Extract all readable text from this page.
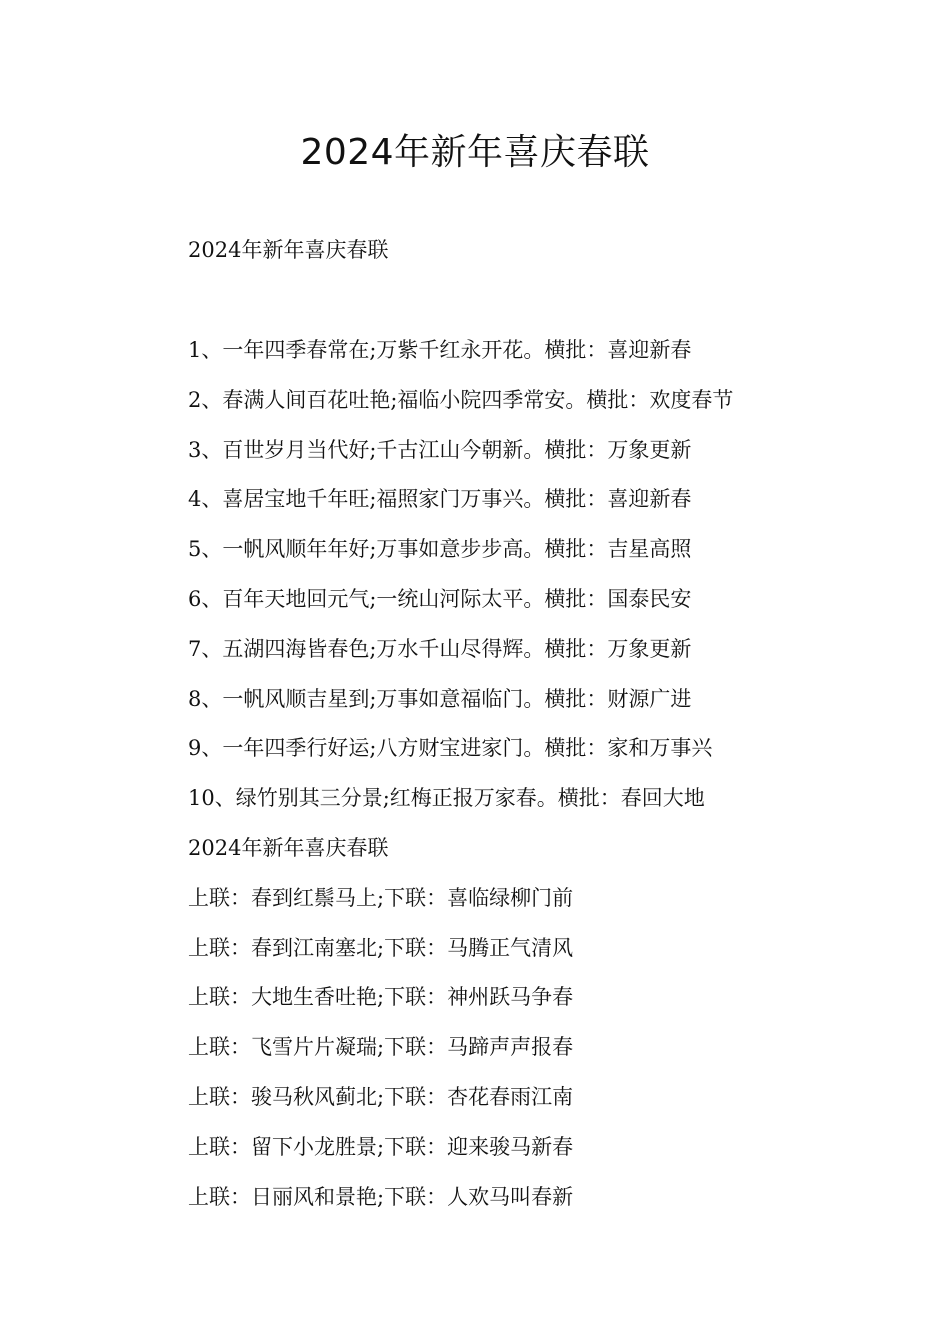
2024年新年喜庆春联
2024年新年喜庆春联
1、一年四季春常在;万紫千红永开花。横批：喜迎新春
2、春满人间百花吐艳;福临小院四季常安。横批：欢度春节
3、百世岁月当代好;千古江山今朝新。横批：万象更新
4、喜居宝地千年旺;福照家门万事兴。横批：喜迎新春
5、一帆风顺年年好;万事如意步步高。横批：吉星高照
6、百年天地回元气;一统山河际太平。横批：国泰民安
7、五湖四海皆春色;万水千山尽得辉。横批：万象更新
8、一帆风顺吉星到;万事如意福临门。横批：财源广进
9、一年四季行好运;八方财宝进家门。横批：家和万事兴
10、绿竹别其三分景;红梅正报万家春。横批：春回大地
2024年新年喜庆春联
上联：春到红鬃马上;下联：喜临绿柳门前
上联：春到江南塞北;下联：马腾正气清风
上联：大地生香吐艳;下联：神州跃马争春
上联：飞雪片片凝瑞;下联：马蹄声声报春
上联：骏马秋风蓟北;下联：杏花春雨江南
上联：留下小龙胜景;下联：迎来骏马新春
上联：日丽风和景艳;下联：人欢马叫春新
